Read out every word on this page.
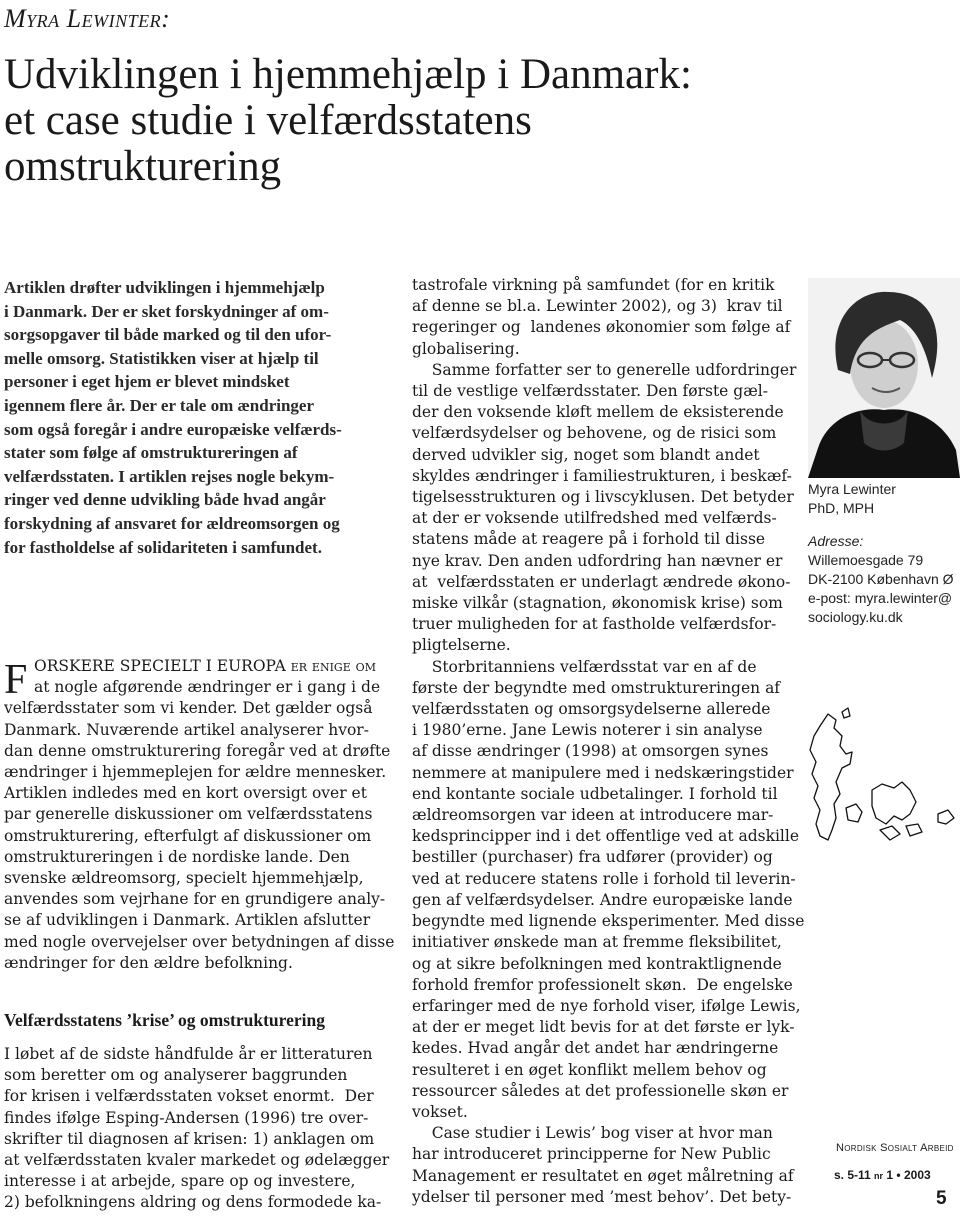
Myra Lewinter:
Udviklingen i hjemmehjælp i Danmark:
et case studie i velfærdsstatens
omstrukturering
Artiklen drøfter udviklingen i hjemmehjælp
i Danmark. Der er sket forskydninger af om-
sorgsopgaver til både marked og til den ufor-
melle omsorg. Statistikken viser at hjælp til
personer i eget hjem er blevet mindsket
igennem flere år. Der er tale om ændringer
som også foregår i andre europæiske velfærds-
stater som følge af omstruktureringen af
velfærdsstaten. I artiklen rejses nogle bekym-
ringer ved denne udvikling både hvad angår
forskydning af ansvaret for ældreomsorgen og
for fastholdelse af solidariteten i samfundet.
F ORSKERE SPECIELT I EUROPA er enige om
at nogle afgørende ændringer er i gang i de
velfærdsstater som vi kender. Det gælder også
Danmark. Nuværende artikel analyserer hvor-
dan denne omstrukturering foregår ved at drøfte
ændringer i hjemmeplejen for ældre mennesker.
Artiklen indledes med en kort oversigt over et
par generelle diskussioner om velfærdsstatens
omstrukturering, efterfulgt af diskussioner om
omstruktureringen i de nordiske lande. Den
svenske ældreomsorg, specielt hjemmehjælp,
anvendes som vejrhane for en grundigere analy-
se af udviklingen i Danmark. Artiklen afslutter
med nogle overvejelser over betydningen af disse
ændringer for den ældre befolkning.
Velfærdsstatens ’krise’ og omstrukturering
I løbet af de sidste håndfulde år er litteraturen
som beretter om og analyserer baggrunden
for krisen i velfærdsstaten vokset enormt.  Der
findes ifølge Esping-Andersen (1996) tre over-
skrifter til diagnosen af krisen: 1) anklagen om
at velfærdsstaten kvaler markedet og ødelægger
interesse i at arbejde, spare op og investere,
2) befolkningens aldring og dens formodede ka-
tastrofale virkning på samfundet (for en kritik
af denne se bl.a. Lewinter 2002), og 3)  krav til
regeringer og  landenes økonomier som følge af
globalisering.
Samme forfatter ser to generelle udfordringer
til de vestlige velfærdsstater. Den første gæl-
der den voksende kløft mellem de eksisterende
velfærdsydelser og behovene, og de risici som
derved udvikler sig, noget som blandt andet
skyldes ændringer i familiestrukturen, i beskæf-
tigelsesstrukturen og i livscyklusen. Det betyder
at der er voksende utilfredshed med velfærds-
statens måde at reagere på i forhold til disse
nye krav. Den anden udfordring han nævner er
at  velfærdsstaten er underlagt ændrede økono-
miske vilkår (stagnation, økonomisk krise) som
truer muligheden for at fastholde velfærdsfor-
pligtelserne.
Storbritanniens velfærdsstat var en af de
første der begyndte med omstruktureringen af
velfærdsstaten og omsorgsydelserne allerede
i 1980’erne. Jane Lewis noterer i sin analyse
af disse ændringer (1998) at omsorgen synes
nemmere at manipulere med i nedskæringstider
end kontante sociale udbetalinger. I forhold til
ældreomsorgen var ideen at introducere mar-
kedsprincipper ind i det offentlige ved at adskille
bestiller (purchaser) fra udfører (provider) og
ved at reducere statens rolle i forhold til leverin-
gen af velfærdsydelser. Andre europæiske lande
begyndte med lignende eksperimenter. Med disse
initiativer ønskede man at fremme fleksibilitet,
og at sikre befolkningen med kontraktlignende
forhold fremfor professionelt skøn.  De engelske
erfaringer med de nye forhold viser, ifølge Lewis,
at der er meget lidt bevis for at det første er lyk-
kedes. Hvad angår det andet har ændringerne
resulteret i en øget konflikt mellem behov og
ressourcer således at det professionelle skøn er
vokset.
Case studier i Lewis’ bog viser at hvor man
har introduceret principperne for New Public
Management er resultatet en øget målretning af
ydelser til personer med ’mest behov’. Det bety-
Myra Lewinter
PhD, MPH
Adresse:
Willemoesgade 79
DK-2100 København Ø
e-post: myra.lewinter@
sociology.ku.dk
Nordisk Sosialt Arbeid
s. 5-11 nr 1 • 2003
5
